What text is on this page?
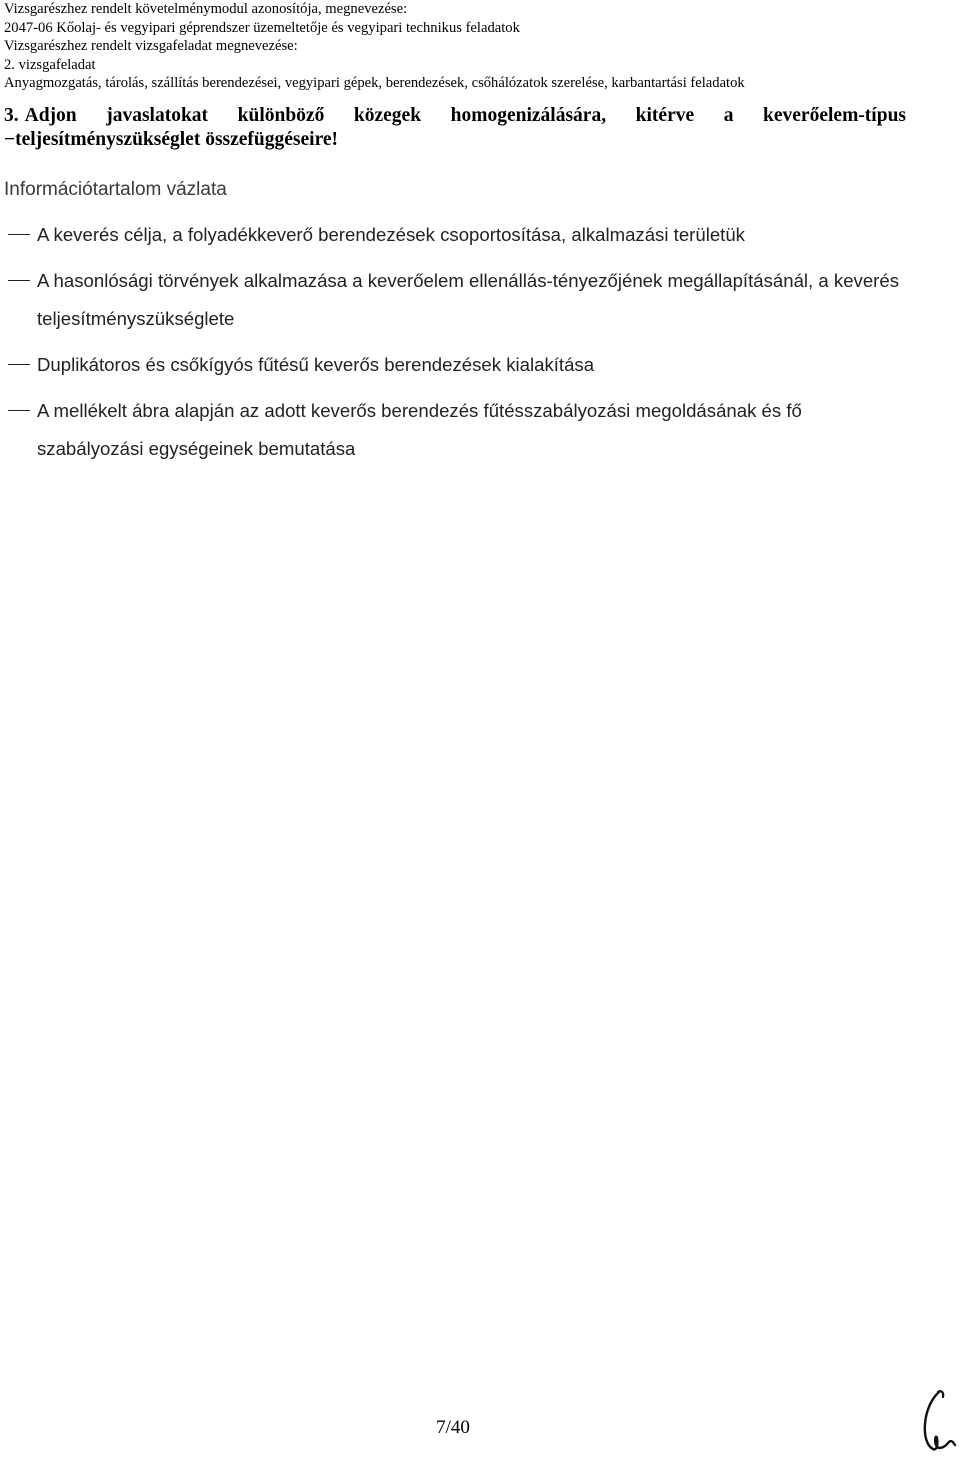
Vizsgarészhez rendelt követelménymodul azonosítója, megnevezése:

2047-06 Kőolaj- és vegyipari géprendszer üzemeltetője és vegyipari technikus feladatok

Vizsgarészhez rendelt vizsgafeladat megnevezése:

2. vizsgafeladat

Anyagmozgatás, tárolás, szállítás berendezései, vegyipari gépek, berendezések, csőhálózatok szerelése, karbantartási feladatok

3. Adjon javaslatokat különböző közegek homogenizálására, kitérve a keverőelem-típus −teljesítményszükséglet összefüggéseire!
Információtartalom vázlata
A keverés célja, a folyadékkeverő berendezések csoportosítása, alkalmazási területük
A hasonlósági törvények alkalmazása a keverőelem ellenállás-tényezőjének megállapításánál, a keverés teljesítményszükséglete
Duplikátoros és csőkígyós fűtésű keverős berendezések kialakítása
A mellékelt ábra alapján az adott keverős berendezés fűtésszabályozási megoldásának és fő szabályozási egységeinek bemutatása
7/40
